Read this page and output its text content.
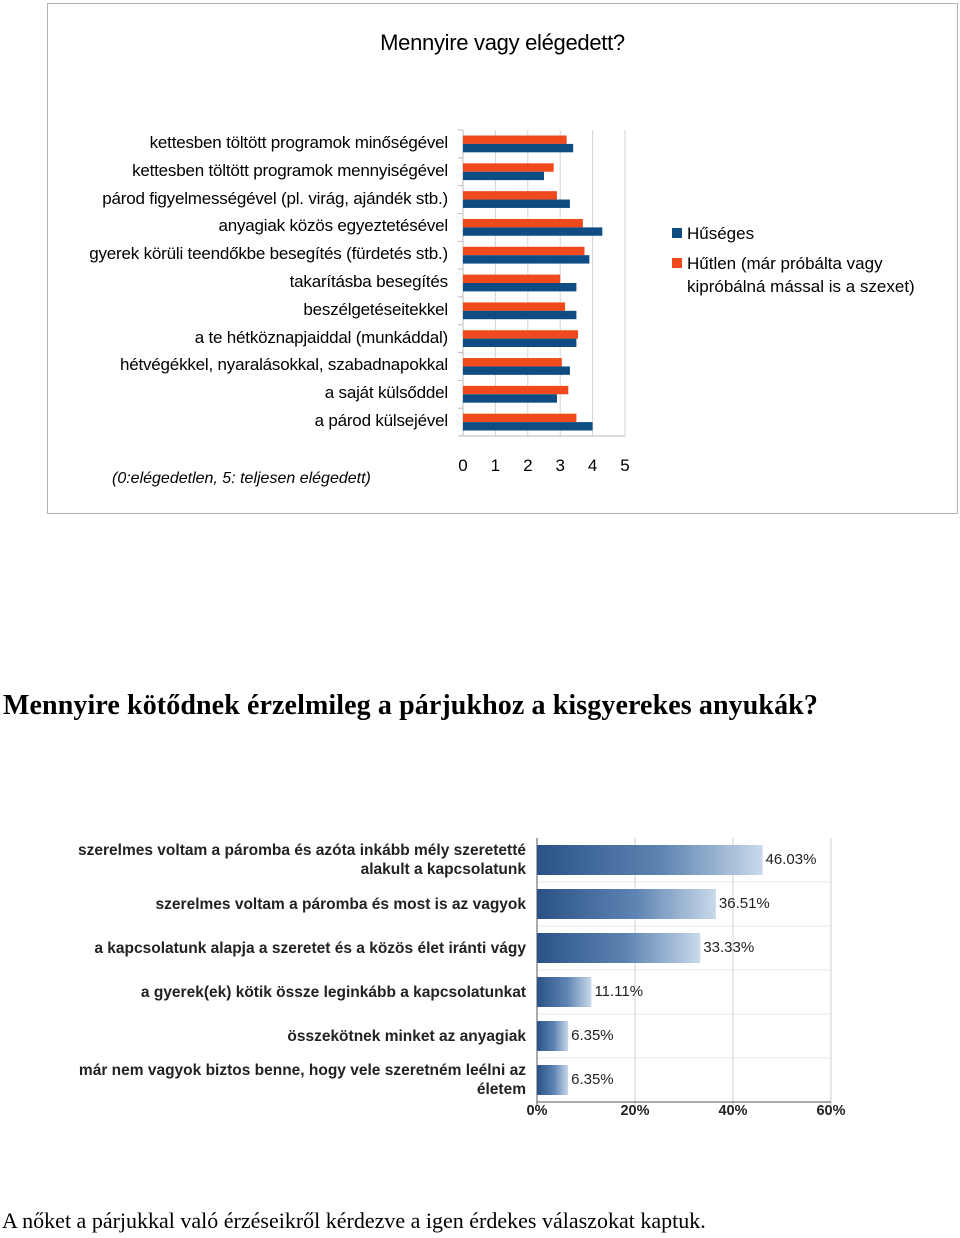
Mennyire vagy elégedett?
kettesben töltött programok minőségével
kettesben töltött programok mennyiségével
párod figyelmességével (pl. virág, ajándék stb.)
anyagiak közös egyeztetésével
gyerek körüli teendőkbe besegítés (fürdetés stb.)
takarításba besegítés
beszélgetéseitekkel
a te hétköznapjaiddal (munkáddal)
hétvégékkel, nyaralásokkal, szabadnapokkal
a saját külsőddel
a párod külsejével
0	1	2	3	4	5
(0:elégedetlen, 5: teljesen elégedett)
Hűséges
Hűtlen (már próbálta vagy kipróbálná mással is a szexet)
Mennyire kötődnek érzelmileg a párjukhoz a kisgyerekes anyukák?
szerelmes voltam a páromba és azóta inkább mély szeretetté
alakult a kapcsolatunk
szerelmes voltam a páromba és most is az vagyok
a kapcsolatunk alapja a szeretet és a közös élet iránti vágy
a gyerek(ek) kötik össze leginkább a kapcsolatunkat
összekötnek minket az anyagiak
már nem vagyok biztos benne, hogy vele szeretném leélni az
életem
46.03%
36.51%
33.33%
11.11%
6.35%
6.35%
0%	20%	40%	60%
A nőket a párjukkal való érzéseikről kérdezve a igen érdekes válaszokat kaptuk.
